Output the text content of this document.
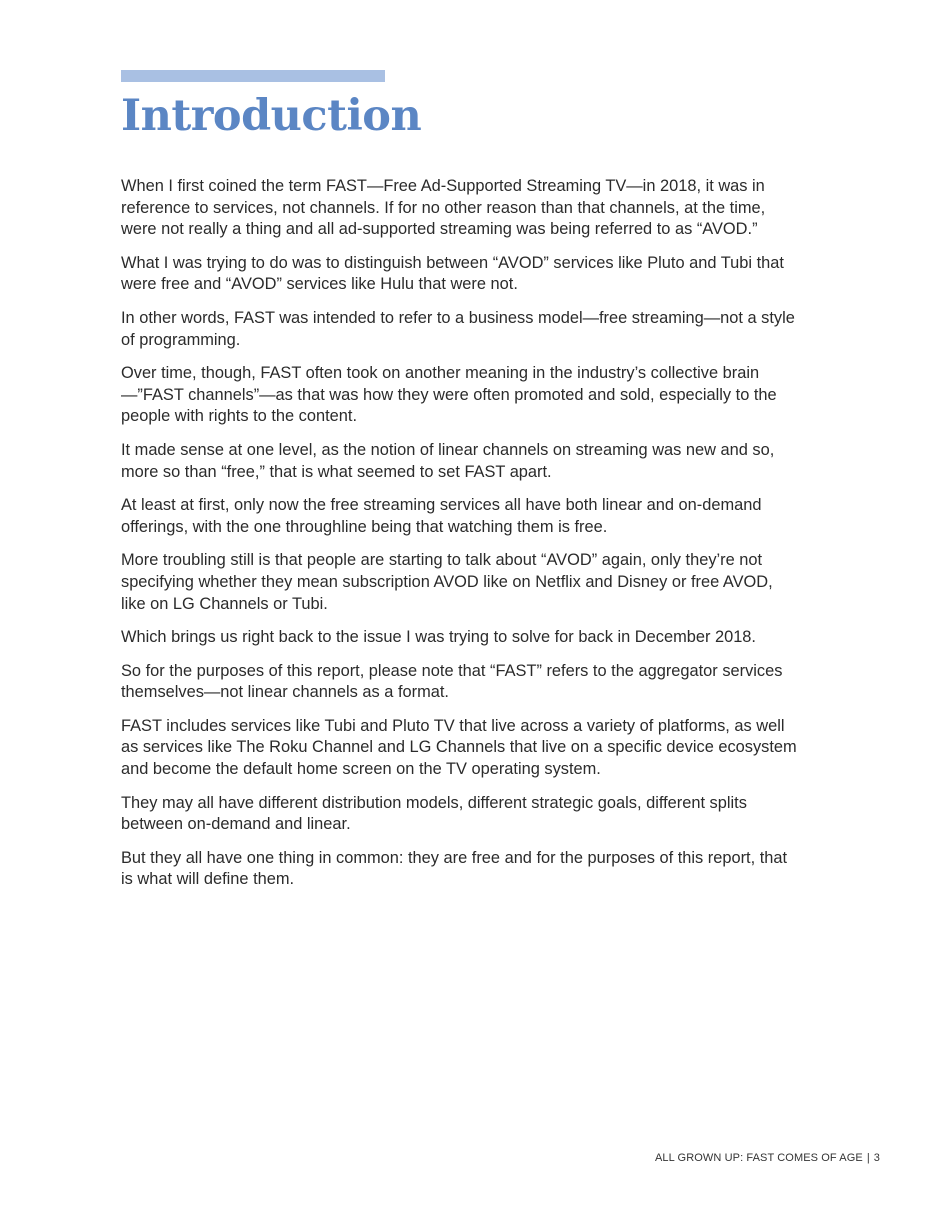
Introduction

When I first coined the term FAST—Free Ad-Supported Streaming TV—in 2018, it was in reference to services, not channels. If for no other reason than that channels, at the time, were not really a thing and all ad-supported streaming was being referred to as “AVOD.”

What I was trying to do was to distinguish between “AVOD” services like Pluto and Tubi that were free and “AVOD” services like Hulu that were not.

In other words, FAST was intended to refer to a business model—free streaming—not a style of programming.

Over time, though, FAST often took on another meaning in the industry’s collective brain—”FAST channels”—as that was how they were often promoted and sold, especially to the people with rights to the content.

It made sense at one level, as the notion of linear channels on streaming was new and so, more so than “free,” that is what seemed to set FAST apart.

At least at first, only now the free streaming services all have both linear and on-demand offerings, with the one throughline being that watching them is free.

More troubling still is that people are starting to talk about “AVOD” again, only they’re not specifying whether they mean subscription AVOD like on Netflix and Disney or free AVOD, like on LG Channels or Tubi.

Which brings us right back to the issue I was trying to solve for back in December 2018.

So for the purposes of this report, please note that “FAST” refers to the aggregator services themselves—not linear channels as a format.

FAST includes services like Tubi and Pluto TV that live across a variety of platforms, as well as services like The Roku Channel and LG Channels that live on a specific device ecosystem and become the default home screen on the TV operating system.

They may all have different distribution models, different strategic goals, different splits between on-demand and linear.

But they all have one thing in common: they are free and for the purposes of this report, that is what will define them.

ALL GROWN UP: FAST COMES OF AGE | 3
